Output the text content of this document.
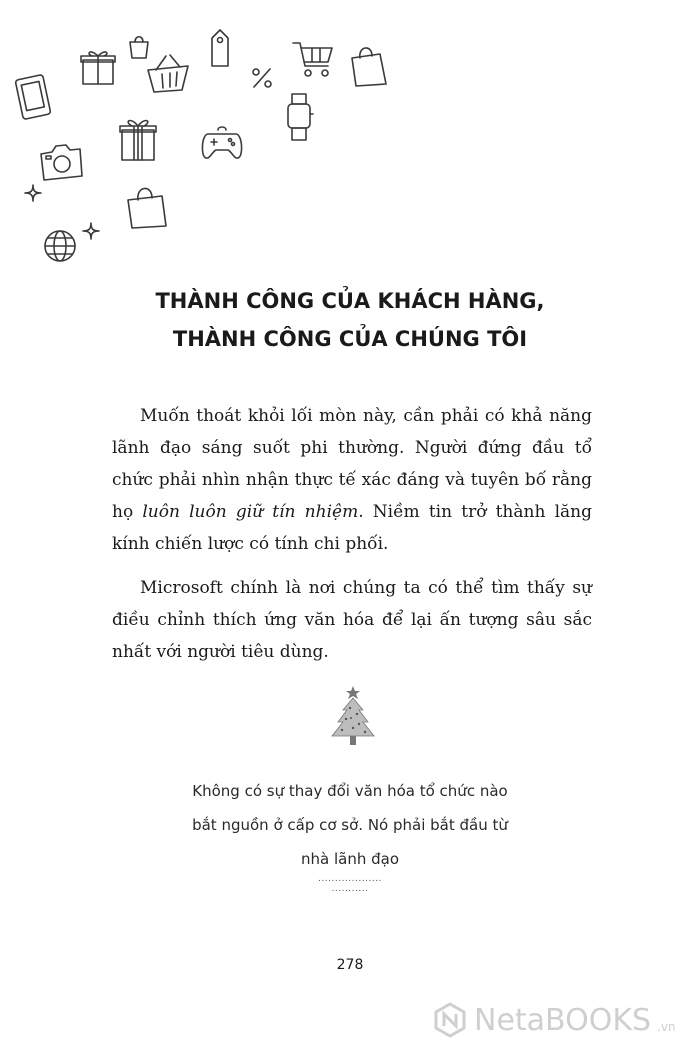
THÀNH CÔNG CỦA KHÁCH HÀNG,
THÀNH CÔNG CỦA CHÚNG TÔI

Muốn thoát khỏi lối mòn này, cần phải có khả năng lãnh đạo sáng suốt phi thường. Người đứng đầu tổ chức phải nhìn nhận thực tế xác đáng và tuyên bố rằng họ luôn luôn giữ tín nhiệm. Niềm tin trở thành lăng kính chiến lược có tính chi phối.

Microsoft chính là nơi chúng ta có thể tìm thấy sự điều chỉnh thích ứng văn hóa để lại ấn tượng sâu sắc nhất với người tiêu dùng.

Không có sự thay đổi văn hóa tổ chức nào
bắt nguồn ở cấp cơ sở. Nó phải bắt đầu từ
nhà lãnh đạo
...................
...........
278
NetaBOOKS .vn
